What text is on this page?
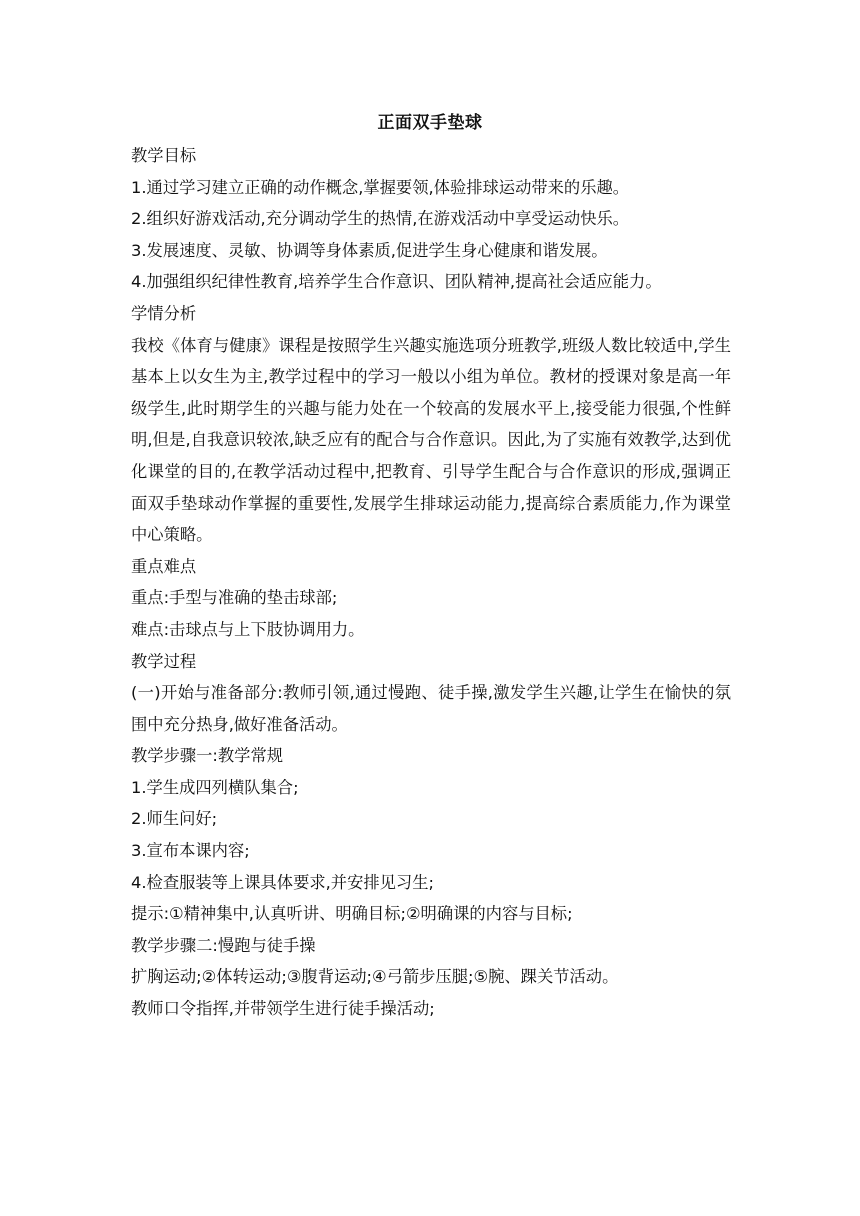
正面双手垫球
教学目标
1.通过学习建立正确的动作概念,掌握要领,体验排球运动带来的乐趣。
2.组织好游戏活动,充分调动学生的热情,在游戏活动中享受运动快乐。
3.发展速度、灵敏、协调等身体素质,促进学生身心健康和谐发展。
4.加强组织纪律性教育,培养学生合作意识、团队精神,提高社会适应能力。
学情分析
我校《体育与健康》课程是按照学生兴趣实施选项分班教学,班级人数比较适中,学生基本上以女生为主,教学过程中的学习一般以小组为单位。教材的授课对象是高一年级学生,此时期学生的兴趣与能力处在一个较高的发展水平上,接受能力很强,个性鲜明,但是,自我意识较浓,缺乏应有的配合与合作意识。因此,为了实施有效教学,达到优化课堂的目的,在教学活动过程中,把教育、引导学生配合与合作意识的形成,强调正面双手垫球动作掌握的重要性,发展学生排球运动能力,提高综合素质能力,作为课堂中心策略。
重点难点
重点:手型与准确的垫击球部;
难点:击球点与上下肢协调用力。
教学过程
(一)开始与准备部分:教师引领,通过慢跑、徒手操,激发学生兴趣,让学生在愉快的氛围中充分热身,做好准备活动。
教学步骤一:教学常规
1.学生成四列横队集合;
2.师生问好;
3.宣布本课内容;
4.检查服装等上课具体要求,并安排见习生;
提示:①精神集中,认真听讲、明确目标;②明确课的内容与目标;
教学步骤二:慢跑与徒手操
扩胸运动;②体转运动;③腹背运动;④弓箭步压腿;⑤腕、踝关节活动。
教师口令指挥,并带领学生进行徒手操活动;
